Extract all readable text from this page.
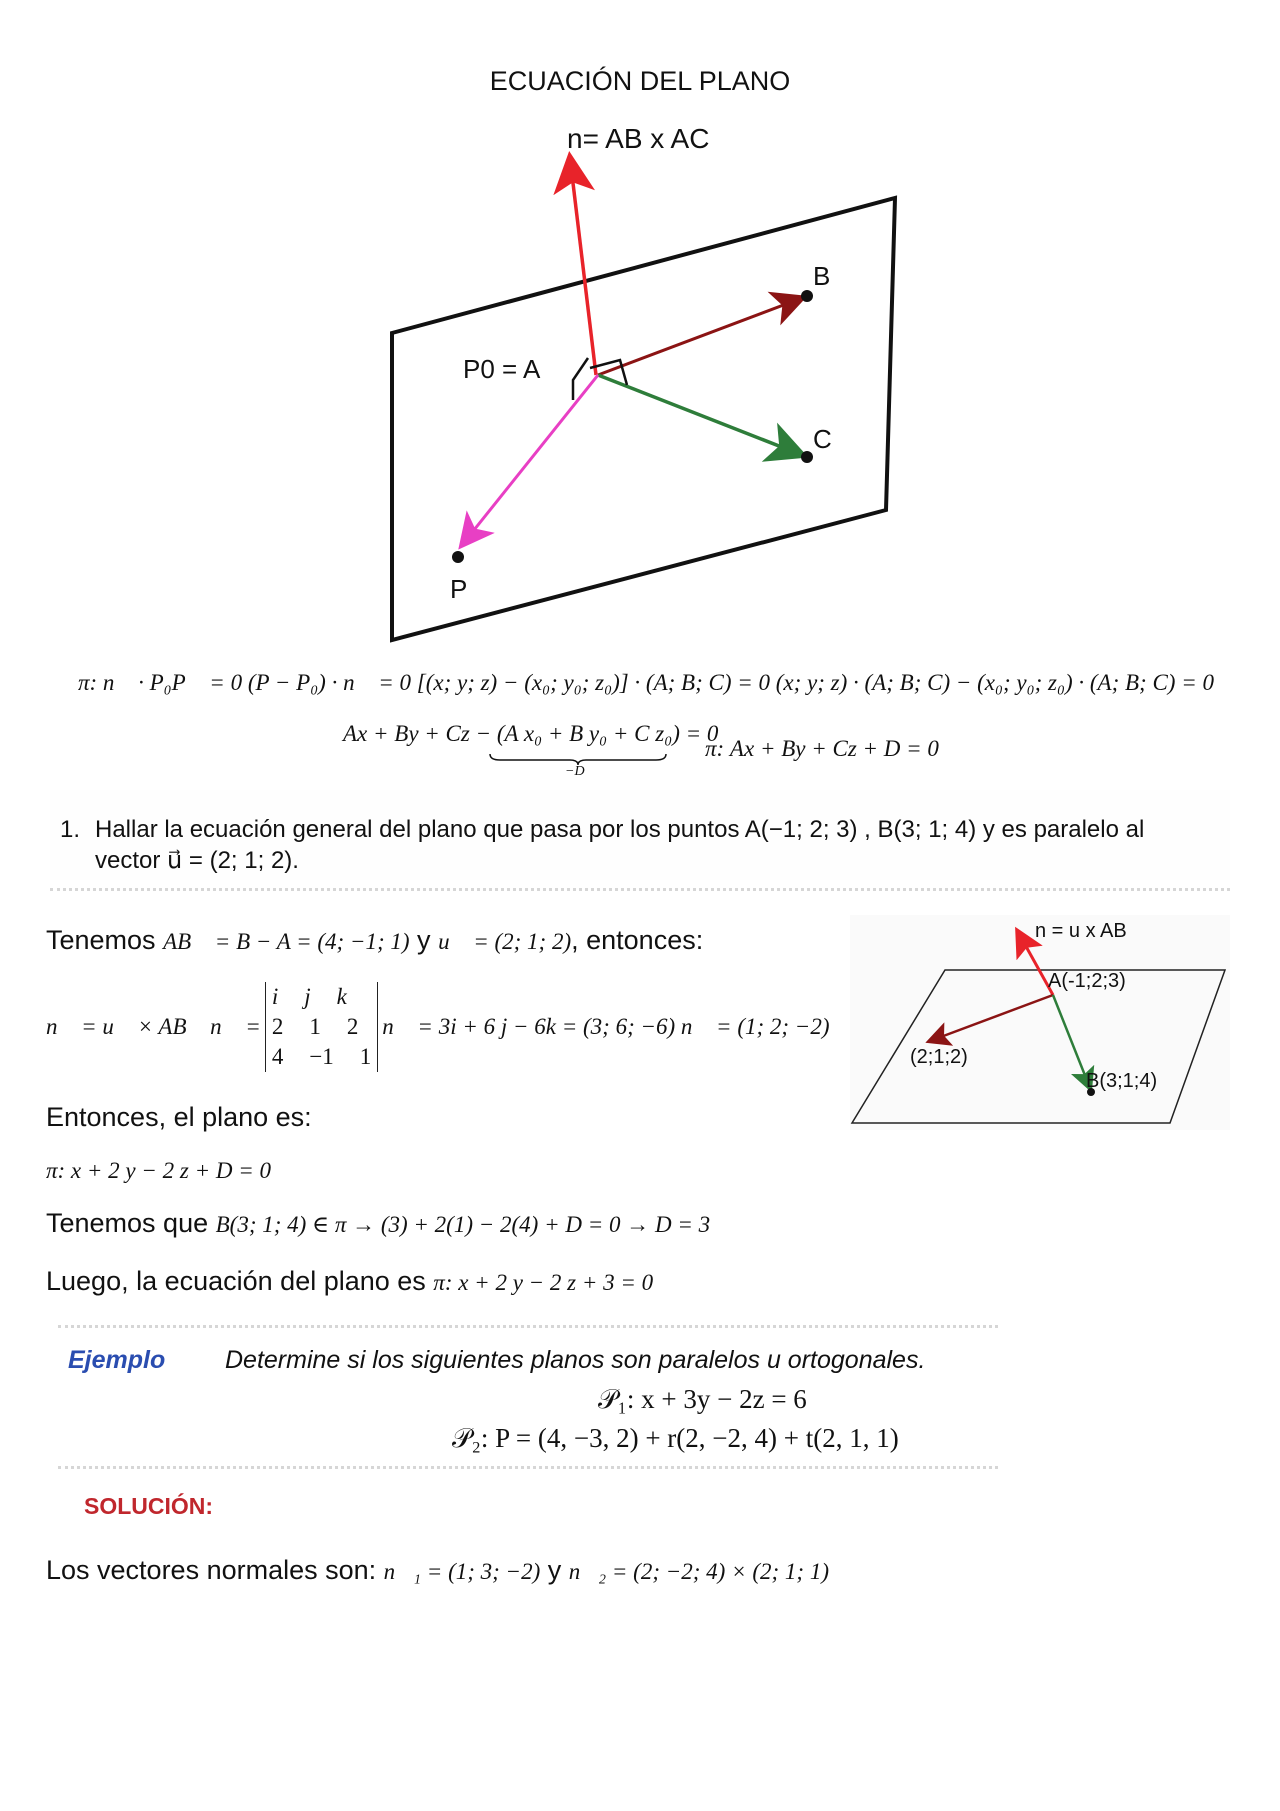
ECUACIÓN DEL PLANO
n= AB x AC
B
C
P
P0 = A
π: n⃗ · P₀P⃗ = 0 (P − P₀) · n⃗ = 0 [(x; y; z) − (x₀; y₀; z₀)] · (A; B; C) = 0 (x; y; z) · (A; B; C) − (x₀; y₀; z₀) · (A; B; C) = 0
Ax + By + Cz − (A x₀ + B y₀ + C z₀) = 0
−D
π: Ax + By + Cz + D = 0
1. Hallar la ecuación general del plano que pasa por los puntos A(−1; 2; 3) , B(3; 1; 4) y es paralelo al
vector u⃗ = (2; 1; 2).
Tenemos AB⃗ = B − A = (4; −1; 1) y u⃗ = (2; 1; 2), entonces:
n⃗ = u⃗ × AB⃗ n⃗ =
i j k
2 1 2
4 −1 1
n⃗ = 3i + 6 j − 6k = (3; 6; −6) n⃗ = (1; 2; −2)
Entonces, el plano es:
π: x + 2 y − 2 z + D = 0
Tenemos que B(3; 1; 4) ∈ π → (3) + 2(1) − 2(4) + D = 0 → D = 3
Luego, la ecuación del plano es π: x + 2 y − 2 z + 3 = 0
n = u x AB
A(-1;2;3)
(2;1;2)
B(3;1;4)
Ejemplo Determine si los siguientes planos son paralelos u ortogonales.
𝒫₁: x + 3y − 2z = 6
𝒫₂: P = (4, −3, 2) + r(2, −2, 4) + t(2, 1, 1)
SOLUCIÓN:
Los vectores normales son: n⃗₁ = (1; 3; −2) y n⃗₂ = (2; −2; 4) × (2; 1; 1)
